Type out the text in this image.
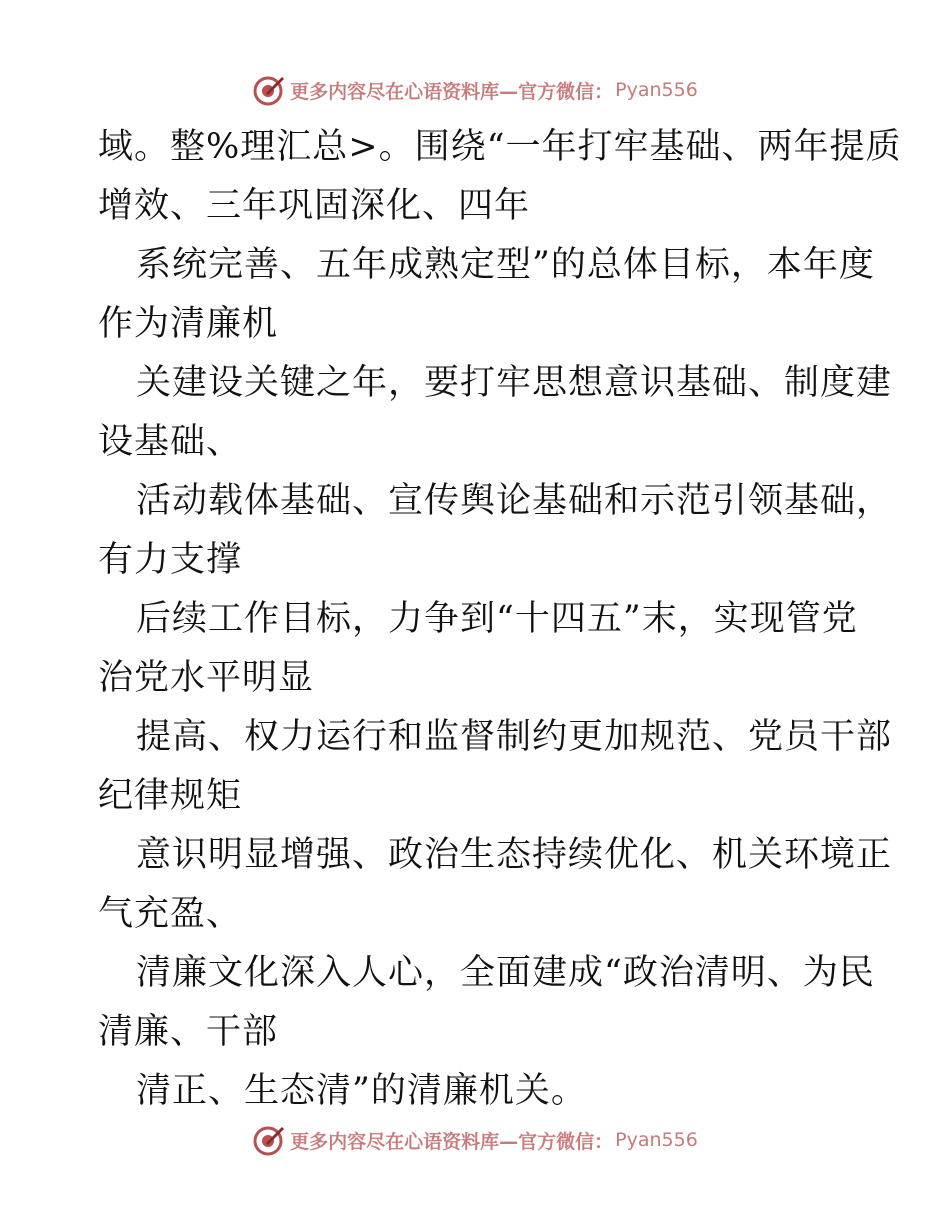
更多内容尽在心语资料库—官方微信： Pyan556
域。整%理汇总>。围绕“一年打牢基础、两年提质
增效、三年巩固深化、四年
系统完善、五年成熟定型”的总体目标，本年度
作为清廉机
关建设关键之年，要打牢思想意识基础、制度建
设基础、
活动载体基础、宣传舆论基础和示范引领基础，
有力支撑
后续工作目标，力争到“十四五”末，实现管党
治党水平明显
提高、权力运行和监督制约更加规范、党员干部
纪律规矩
意识明显增强、政治生态持续优化、机关环境正
气充盈、
清廉文化深入人心，全面建成“政治清明、为民
清廉、干部
清正、生态清”的清廉机关。
更多内容尽在心语资料库—官方微信： Pyan556
